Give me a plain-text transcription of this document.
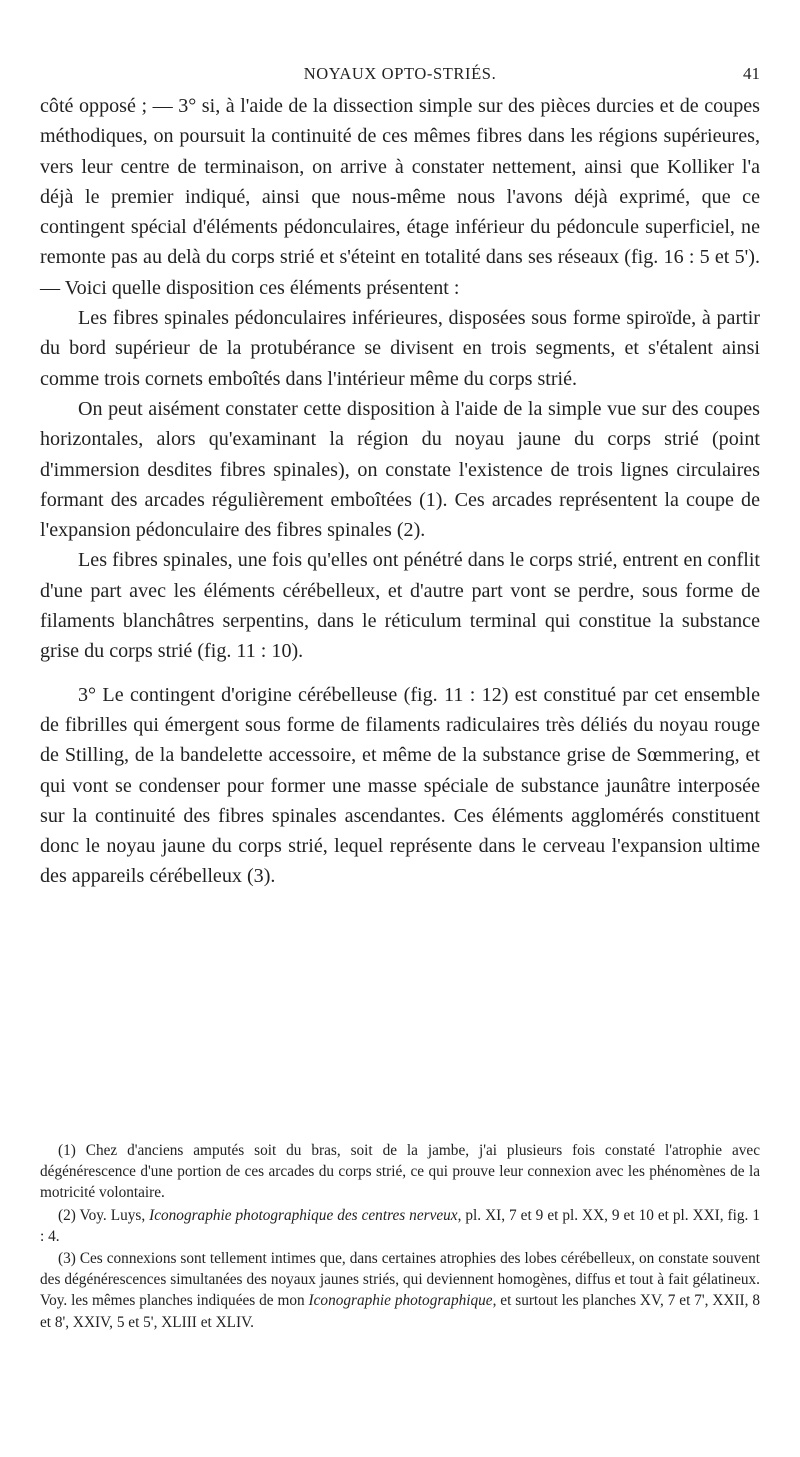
NOYAUX OPTO-STRIÉS.	41

côté opposé ; — 3° si, à l'aide de la dissection simple sur des pièces durcies et de coupes méthodiques, on poursuit la continuité de ces mêmes fibres dans les régions supérieures, vers leur centre de terminaison, on arrive à constater nettement, ainsi que Kolliker l'a déjà le premier indiqué, ainsi que nous-même nous l'avons déjà exprimé, que ce contingent spécial d'éléments pédonculaires, étage inférieur du pédoncule superficiel, ne remonte pas au delà du corps strié et s'éteint en totalité dans ses réseaux (fig. 16 : 5 et 5'). — Voici quelle disposition ces éléments présentent :

Les fibres spinales pédonculaires inférieures, disposées sous forme spiroïde, à partir du bord supérieur de la protubérance se divisent en trois segments, et s'étalent ainsi comme trois cornets emboîtés dans l'intérieur même du corps strié.

On peut aisément constater cette disposition à l'aide de la simple vue sur des coupes horizontales, alors qu'examinant la région du noyau jaune du corps strié (point d'immersion desdites fibres spinales), on constate l'existence de trois lignes circulaires formant des arcades régulièrement emboîtées (1). Ces arcades représentent la coupe de l'expansion pédonculaire des fibres spinales (2).

Les fibres spinales, une fois qu'elles ont pénétré dans le corps strié, entrent en conflit d'une part avec les éléments cérébelleux, et d'autre part vont se perdre, sous forme de filaments blanchâtres serpentins, dans le réticulum terminal qui constitue la substance grise du corps strié (fig. 11 : 10).

3° Le contingent d'origine cérébelleuse (fig. 11 : 12) est constitué par cet ensemble de fibrilles qui émergent sous forme de filaments radiculaires très déliés du noyau rouge de Stilling, de la bandelette accessoire, et même de la substance grise de Sœmmering, et qui vont se condenser pour former une masse spéciale de substance jaunâtre interposée sur la continuité des fibres spinales ascendantes. Ces éléments agglomérés constituent donc le noyau jaune du corps strié, lequel représente dans le cerveau l'expansion ultime des appareils cérébelleux (3).

(1) Chez d'anciens amputés soit du bras, soit de la jambe, j'ai plusieurs fois constaté l'atrophie avec dégénérescence d'une portion de ces arcades du corps strié, ce qui prouve leur connexion avec les phénomènes de la motricité volontaire.

(2) Voy. Luys, Iconographie photographique des centres nerveux, pl. XI, 7 et 9 et pl. XX, 9 et 10 et pl. XXI, fig. 1 : 4.

(3) Ces connexions sont tellement intimes que, dans certaines atrophies des lobes cérébelleux, on constate souvent des dégénérescences simultanées des noyaux jaunes striés, qui deviennent homogènes, diffus et tout à fait gélatineux. Voy. les mêmes planches indiquées de mon Iconographie photographique, et surtout les planches XV, 7 et 7', XXII, 8 et 8', XXIV, 5 et 5', XLIII et XLIV.
